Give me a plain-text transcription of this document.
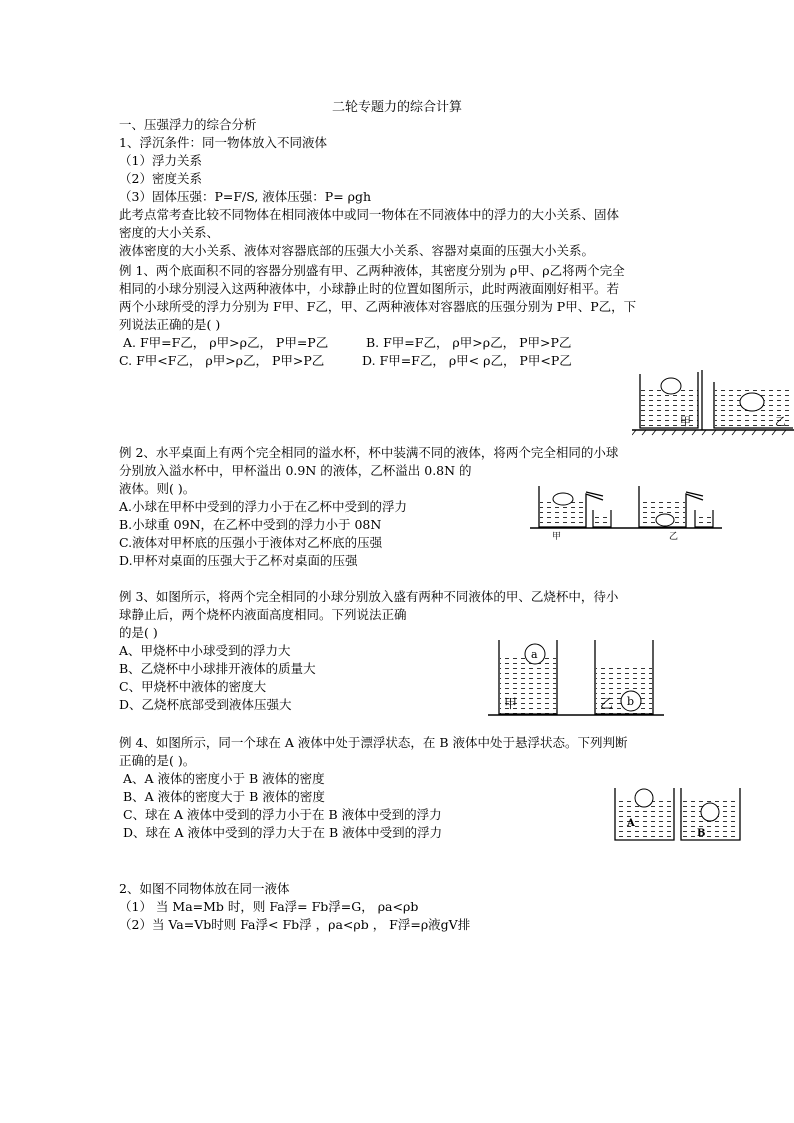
二轮专题力的综合计算
一、压强浮力的综合分析
1、浮沉条件：同一物体放入不同液体
（1）浮力关系
（2）密度关系
（3）固体压强：P=F/S, 液体压强：P= ρgh
此考点常考查比较不同物体在相同液体中或同一物体在不同液体中的浮力的大小关系、固体
密度的大小关系、
液体密度的大小关系、液体对容器底部的压强大小关系、容器对桌面的压强大小关系。
例 1、两个底面积不同的容器分别盛有甲、乙两种液体，其密度分别为 ρ甲、ρ乙将两个完全
相同的小球分别浸入这两种液体中，小球静止时的位置如图所示，此时两液面刚好相平。若
两个小球所受的浮力分别为 F甲、F乙，甲、乙两种液体对容器底的压强分别为 P甲、P乙，下
列说法正确的是( )
A. F甲=F乙， ρ甲>ρ乙， P甲=P乙	B. F甲=F乙， ρ甲>ρ乙， P甲>P乙
C. F甲<F乙， ρ甲>ρ乙， P甲>P乙	D. F甲=F乙， ρ甲< ρ乙， P甲<P乙
甲	乙
例 2、水平桌面上有两个完全相同的溢水杯，杯中装满不同的液体，将两个完全相同的小球
分别放入溢水杯中，甲杯溢出 0.9N 的液体，乙杯溢出 0.8N 的
液体。则( )。
A.小球在甲杯中受到的浮力小于在乙杯中受到的浮力
B.小球重 09N，在乙杯中受到的浮力小于 08N
C.液体对甲杯底的压强小于液体对乙杯底的压强
D.甲杯对桌面的压强大于乙杯对桌面的压强
甲	乙
例 3、如图所示，将两个完全相同的小球分别放入盛有两种不同液体的甲、乙烧杯中，待小
球静止后，两个烧杯内液面高度相同。下列说法正确
的是( )
A、甲烧杯中小球受到的浮力大
B、乙烧杯中小球排开液体的质量大
C、甲烧杯中液体的密度大
D、乙烧杯底部受到液体压强大
a
b
甲	乙
例 4、如图所示，同一个球在 A 液体中处于漂浮状态，在 B 液体中处于悬浮状态。下列判断
正确的是( )。
A、A 液体的密度小于 B 液体的密度
B、A 液体的密度大于 B 液体的密度
C、球在 A 液体中受到的浮力小于在 B 液体中受到的浮力
D、球在 A 液体中受到的浮力大于在 B 液体中受到的浮力
A
B
2、如图不同物体放在同一液体
（1） 当 Ma=Mb 时，则 Fa浮= Fb浮=G， ρa<ρb
（2）当 Va=Vb时则 Fa浮< Fb浮 ，ρa<ρb ， F浮=ρ液gV排
